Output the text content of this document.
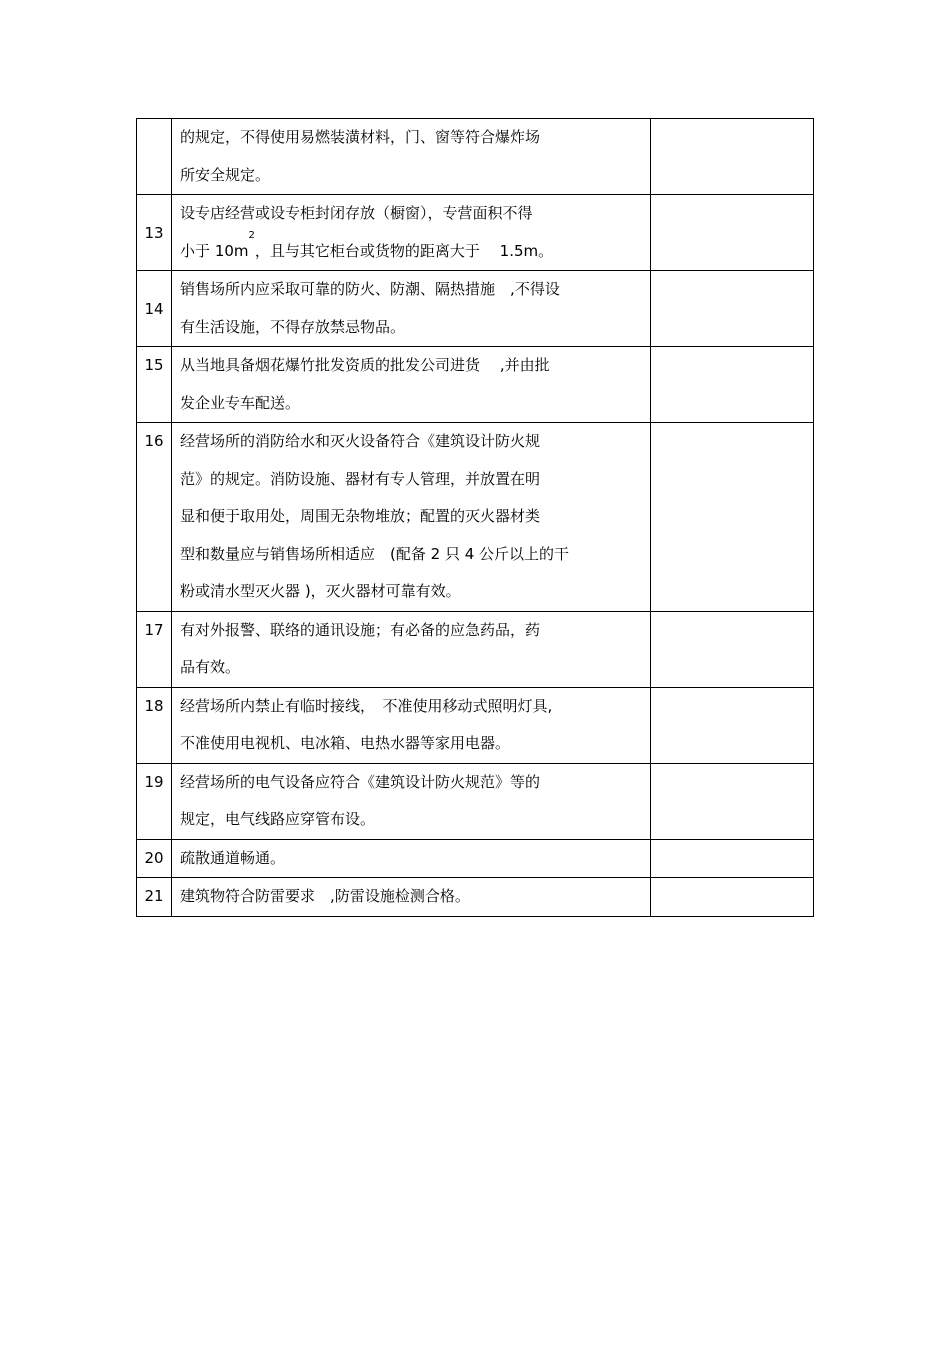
	的规定，不得使用易燃装潢材料，门、窗等符合爆炸场
所安全规定。	

13	设专店经营或设专柜封闭存放（橱窗），专营面积不得
小于 $10m^2$，且与其它柜台或货物的距离大于　 1.5m。	

14	销售场所内应采取可靠的防火、防潮、隔热措施　,不得设
有生活设施，不得存放禁忌物品。	

15	从当地具备烟花爆竹批发资质的批发公司进货　 ,并由批
发企业专车配送。	

16	经营场所的消防给水和灭火设备符合《建筑设计防火规
范》的规定。消防设施、器材有专人管理，并放置在明
显和便于取用处，周围无杂物堆放；配置的灭火器材类
型和数量应与销售场所相适应　(配备 2 只 4 公斤以上的干
粉或清水型灭火器 )，灭火器材可靠有效。	

17	有对外报警、联络的通讯设施；有必备的应急药品，药
品有效。	

18	经营场所内禁止有临时接线，　不准使用移动式照明灯具,
不准使用电视机、电冰箱、电热水器等家用电器。	

19	经营场所的电气设备应符合《建筑设计防火规范》等的
规定，电气线路应穿管布设。	

20	疏散通道畅通。	

21	建筑物符合防雷要求　,防雷设施检测合格。	
